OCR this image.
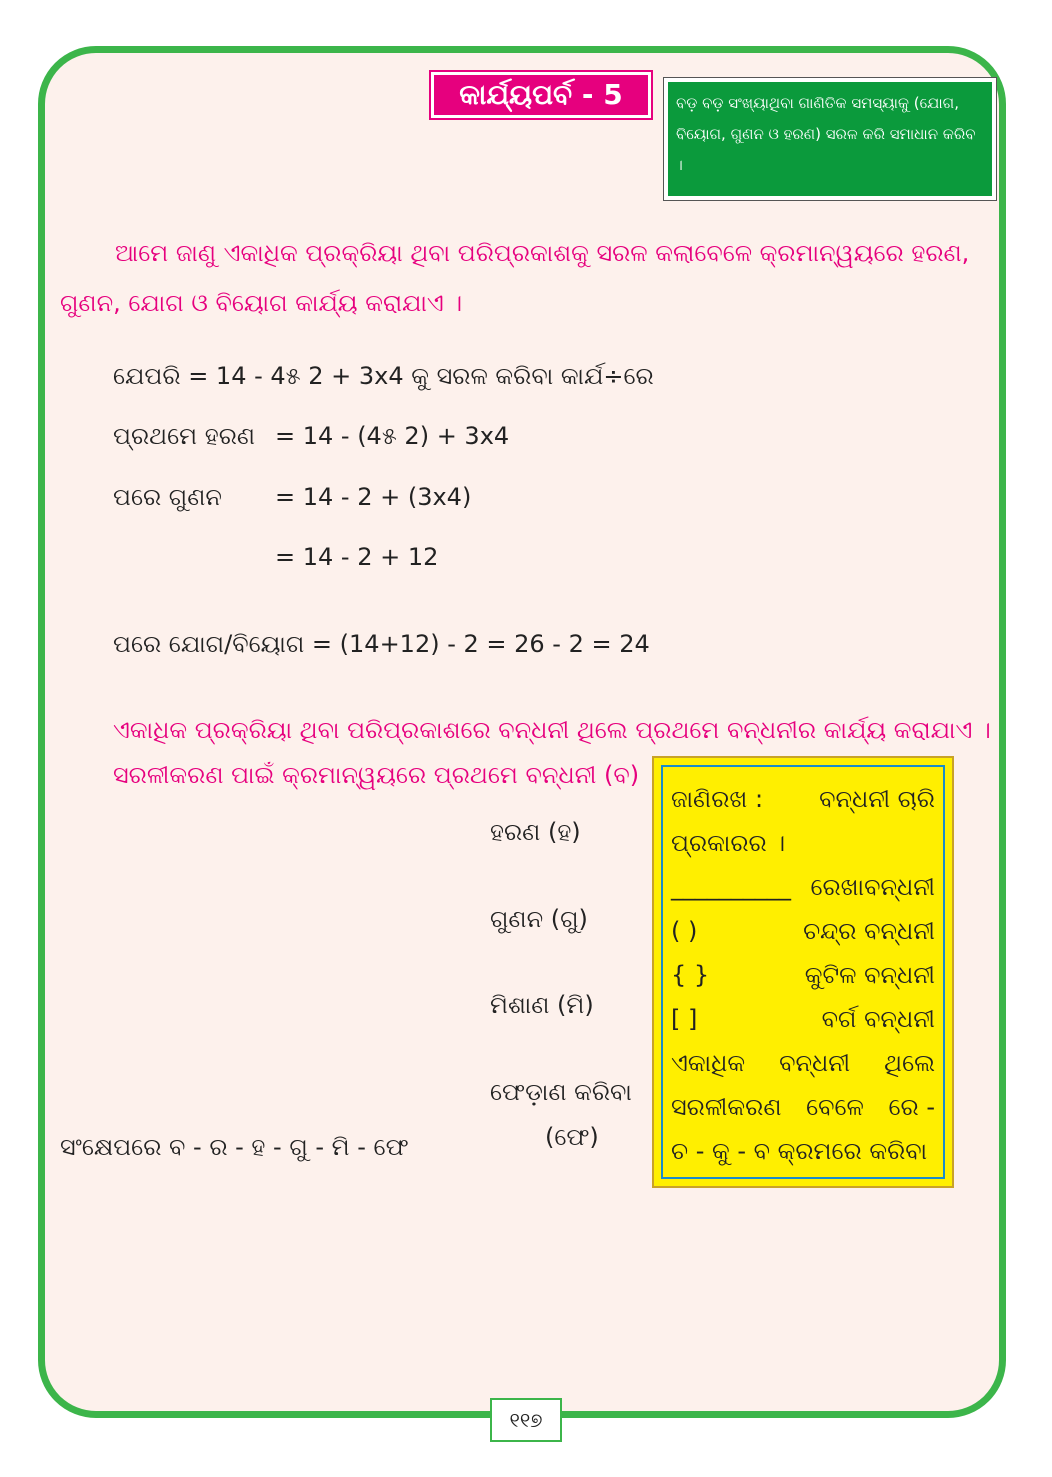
କାର୍ଯ୍ୟପର୍ବ - 5	ବଡ଼ ବଡ଼ ସଂଖ୍ୟାଥିବା ଗାଣିତିକ ସମସ୍ୟାକୁ (ଯୋଗ, ବିୟୋଗ, ଗୁଣନ ଓ ହରଣ) ସରଳ କରି ସମାଧାନ କରିବ ।
ଆମେ ଜାଣୁ ଏକାଧିକ ପ୍ରକ୍ରିୟା ଥିବା ପରିପ୍ରକାଶକୁ ସରଳ କଲାବେଳେ କ୍ରମାନ୍ୱୟରେ ହରଣ, ଗୁଣନ, ଯୋଗ ଓ ବିୟୋଗ କାର୍ଯ୍ୟ କରାଯାଏ ।
ଯେପରି = 14 - 4୫ 2 + 3x4 କୁ ସରଳ କରିବା କାର୍ଯ÷ରେ
ପ୍ରଥମେ ହରଣ = 14 - (4୫ 2) + 3x4
ପରେ ଗୁଣନ = 14 - 2 + (3x4)
= 14 - 2 + 12
ପରେ ଯୋଗ/ବିୟୋଗ = (14+12) - 2 = 26 - 2 = 24
ଏକାଧିକ ପ୍ରକ୍ରିୟା ଥିବା ପରିପ୍ରକାଶରେ ବନ୍ଧନୀ ଥିଲେ ପ୍ରଥମେ ବନ୍ଧନୀର କାର୍ଯ୍ୟ କରାଯାଏ ।
ସରଳୀକରଣ ପାଇଁ କ୍ରମାନ୍ୱୟରେ ପ୍ରଥମେ ବନ୍ଧନୀ (ବ)
ହରଣ (ହ)
ଗୁଣନ (ଗୁ)
ମିଶାଣ (ମି)
ଫେଡ଼ାଣ କରିବା
(ଫେ)
ସଂକ୍ଷେପରେ ବ - ର - ହ - ଗୁ - ମି - ଫେ
ଜାଣିରଖ : ବନ୍ଧନୀ ଚାରି
ପ୍ରକାରର ।
__________ ରେଖାବନ୍ଧନୀ
( )	ଚନ୍ଦ୍ର ବନ୍ଧନୀ
{ }	କୁଟିଳ ବନ୍ଧନୀ
[ ]	ବର୍ଗ ବନ୍ଧନୀ
ଏକାଧିକ ବନ୍ଧନୀ ଥିଲେ
ସରଳୀକରଣ ବେଳେ ରେ -
ଚ - କୁ - ବ କ୍ରମରେ କରିବା
୧୧୭
